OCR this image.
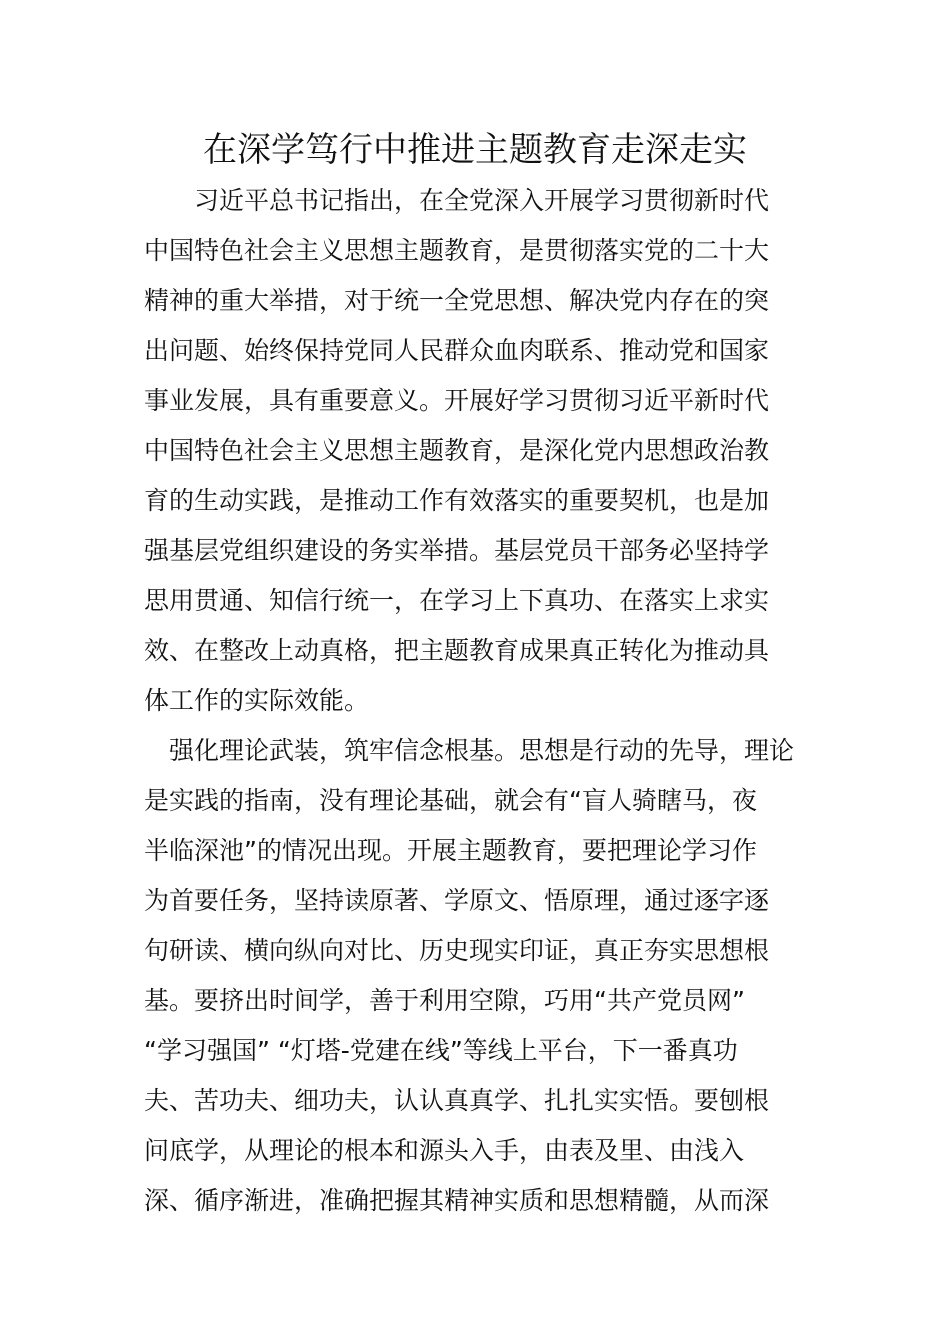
在深学笃行中推进主题教育走深走实
　　习近平总书记指出，在全党深入开展学习贯彻新时代
中国特色社会主义思想主题教育，是贯彻落实党的二十大
精神的重大举措，对于统一全党思想、解决党内存在的突
出问题、始终保持党同人民群众血肉联系、推动党和国家
事业发展，具有重要意义。开展好学习贯彻习近平新时代
中国特色社会主义思想主题教育，是深化党内思想政治教
育的生动实践，是推动工作有效落实的重要契机，也是加
强基层党组织建设的务实举措。基层党员干部务必坚持学
思用贯通、知信行统一，在学习上下真功、在落实上求实
效、在整改上动真格，把主题教育成果真正转化为推动具
体工作的实际效能。
　强化理论武装，筑牢信念根基。思想是行动的先导，理论
是实践的指南，没有理论基础，就会有“盲人骑瞎马，夜
半临深池”的情况出现。开展主题教育，要把理论学习作
为首要任务，坚持读原著、学原文、悟原理，通过逐字逐
句研读、横向纵向对比、历史现实印证，真正夯实思想根
基。要挤出时间学，善于利用空隙，巧用“共产党员网”
“学习强国” “灯塔-党建在线”等线上平台，下一番真功
夫、苦功夫、细功夫，认认真真学、扎扎实实悟。要刨根
问底学，从理论的根本和源头入手，由表及里、由浅入
深、循序渐进，准确把握其精神实质和思想精髓，从而深
